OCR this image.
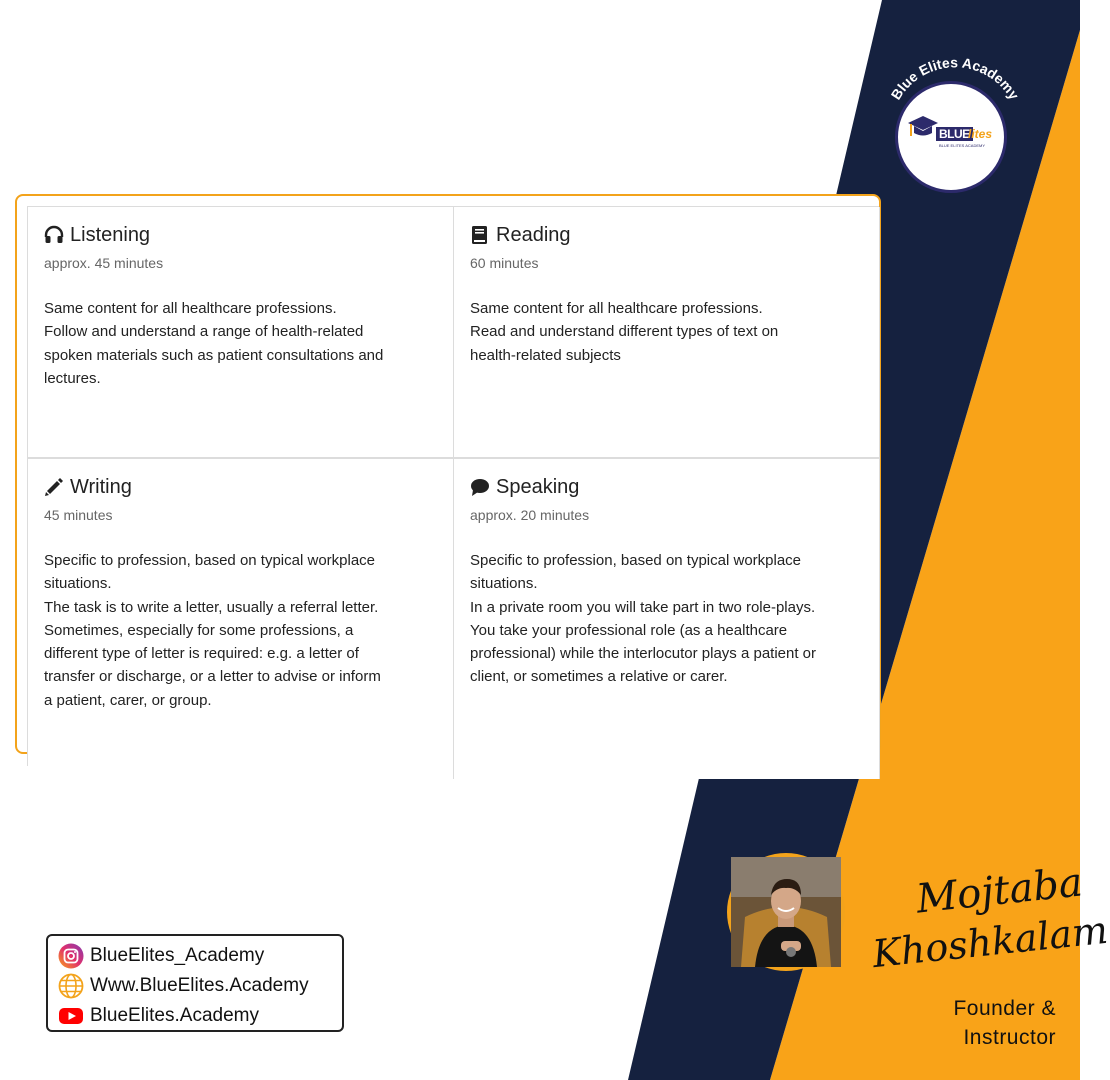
Blue Elites Academy
BLUE
lites
BLUE ELITES ACADEMY
Listening
approx. 45 minutes
Same content for all healthcare professions.
Follow and understand a range of health-related
spoken materials such as patient consultations and
lectures.
Reading
60 minutes
Same content for all healthcare professions.
Read and understand different types of text on
health-related subjects
Writing
45 minutes
Specific to profession, based on typical workplace
situations.
The task is to write a letter, usually a referral letter.
Sometimes, especially for some professions, a
different type of letter is required: e.g. a letter of
transfer or discharge, or a letter to advise or inform
a patient, carer, or group.
Speaking
approx. 20 minutes
Specific to profession, based on typical workplace
situations.
In a private room you will take part in two role-plays.
You take your professional role (as a healthcare
professional) while the interlocutor plays a patient or
client, or sometimes a relative or carer.
Mojtaba
Khoshkalam
Founder &
Instructor
BlueElites_Academy
Www.BlueElites.Academy
BlueElites.Academy
